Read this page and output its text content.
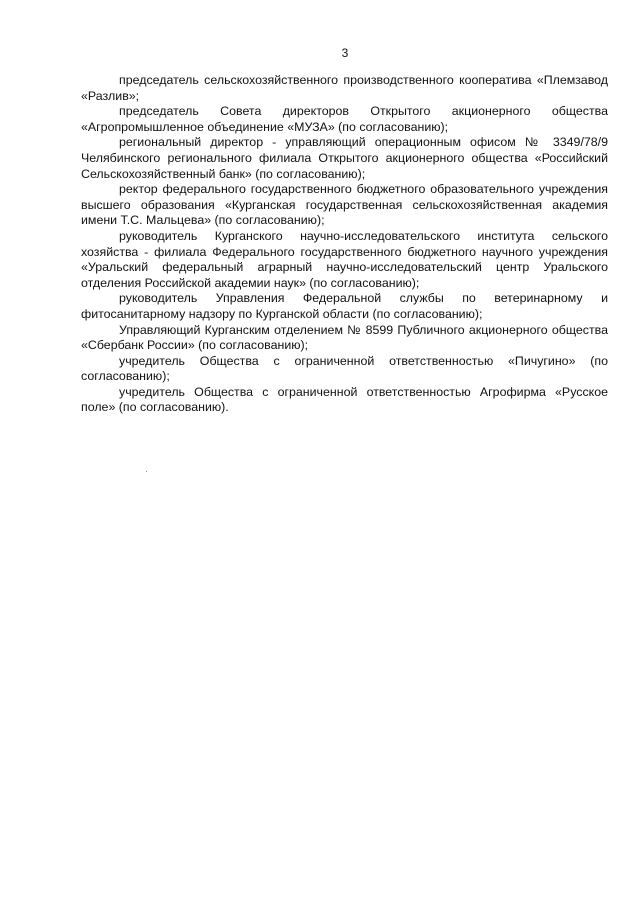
3

председатель сельскохозяйственного производственного кооператива «Племзавод «Разлив»;

председатель Совета директоров Открытого акционерного общества «Агропромышленное объединение «МУЗА» (по согласованию);

региональный директор - управляющий операционным офисом № 3349/78/9 Челябинского регионального филиала Открытого акционерного общества «Российский Сельскохозяйственный банк» (по согласованию);

ректор федерального государственного бюджетного образовательного учреждения высшего образования «Курганская государственная сельскохозяйственная академия имени Т.С. Мальцева» (по согласованию);

руководитель Курганского научно-исследовательского института сельского хозяйства - филиала Федерального государственного бюджетного научного учреждения «Уральский федеральный аграрный научно-исследовательский центр Уральского отделения Российской академии наук» (по согласованию);

руководитель Управления Федеральной службы по ветеринарному и фитосанитарному надзору по Курганской области (по согласованию);

Управляющий Курганским отделением № 8599 Публичного акционерного общества «Сбербанк России» (по согласованию);

учредитель Общества с ограниченной ответственностью «Пичугино» (по согласованию);

учредитель Общества с ограниченной ответственностью Агрофирма «Русское поле» (по согласованию).
